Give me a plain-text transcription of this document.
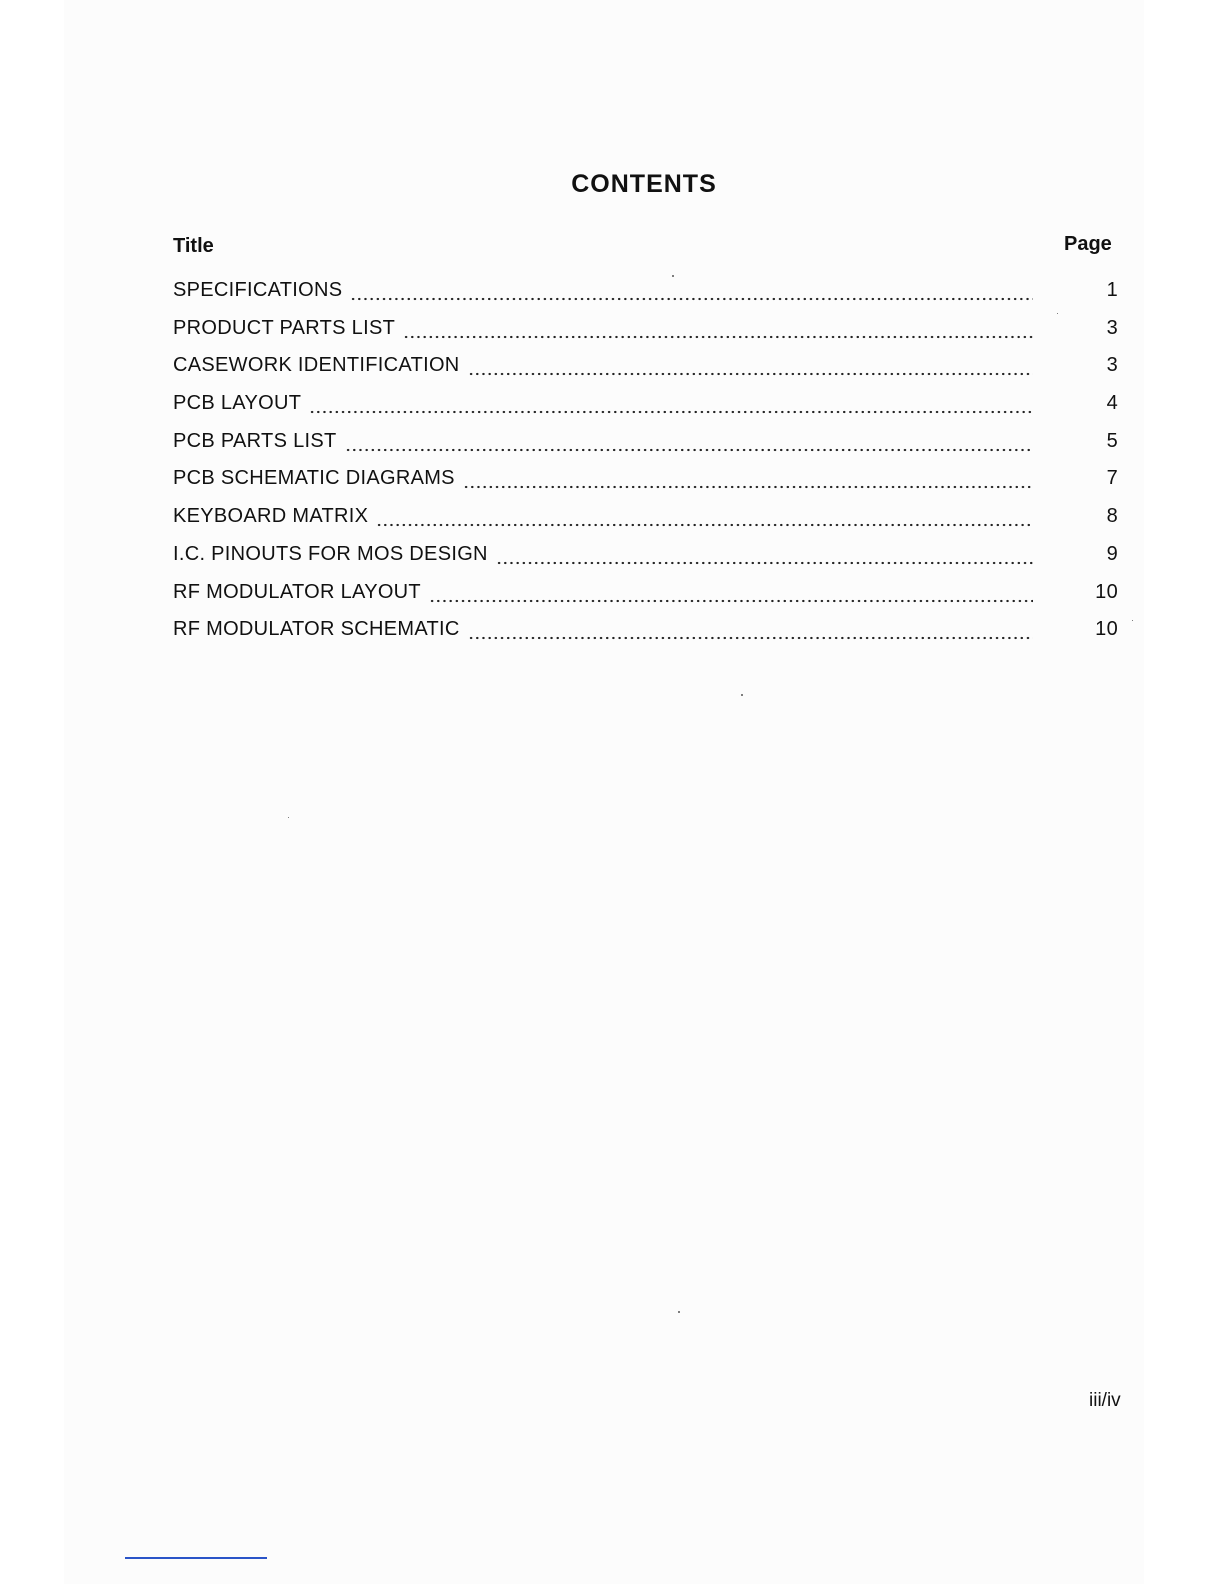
CONTENTS
Title	Page
SPECIFICATIONS	1
PRODUCT PARTS LIST	3
CASEWORK IDENTIFICATION	3
PCB LAYOUT	4
PCB PARTS LIST	5
PCB SCHEMATIC DIAGRAMS	7
KEYBOARD MATRIX	8
I.C. PINOUTS FOR MOS DESIGN	9
RF MODULATOR LAYOUT	10
RF MODULATOR SCHEMATIC	10
iii/iv
